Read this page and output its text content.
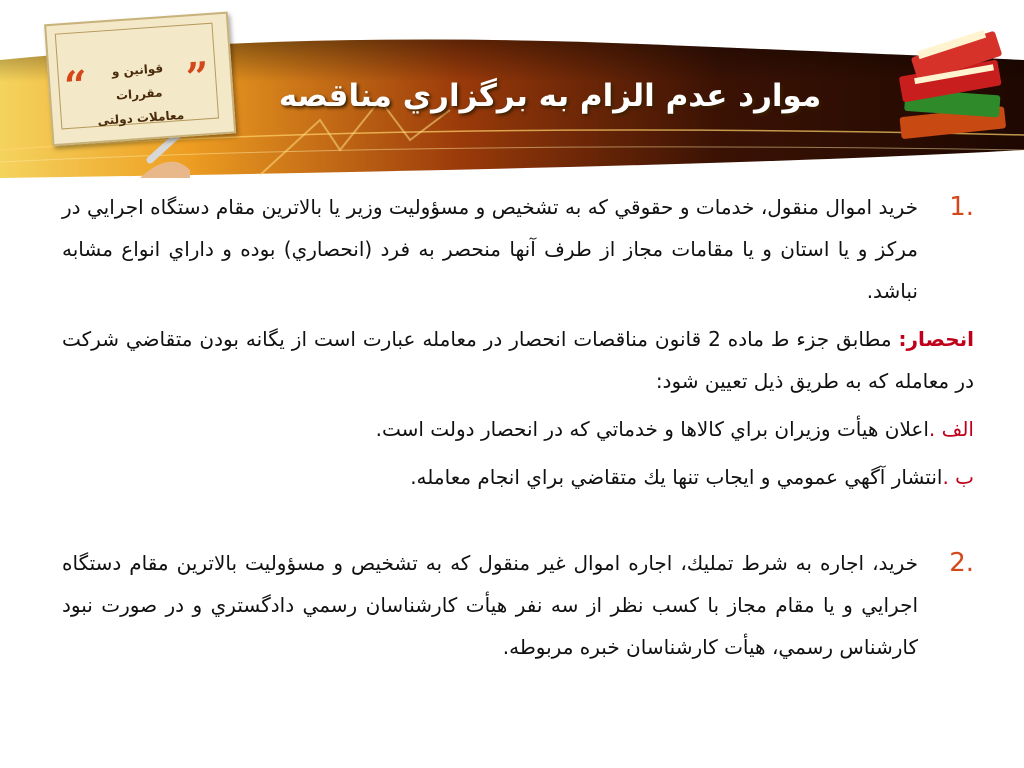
“ ”
قوانین و مقررات
معاملات دولتی
موارد عدم الزام به برگزاري مناقصه
1.
خريد اموال منقول، خدمات و حقوقي كه به تشخيص و مسؤوليت وزير يا بالاترين مقام دستگاه اجرايي در مركز و يا استان و يا مقامات مجاز از طرف آنها منحصر به فرد (انحصاري) بوده و داراي انواع مشابه نباشد.
انحصار: مطابق جزء ط ماده 2 قانون مناقصات انحصار در معامله عبارت است از يگانه بودن متقاضي شركت در معامله كه به طريق ذيل تعيين شود:
الف .اعلان هيأت وزيران براي كالاها و خدماتي كه در انحصار دولت است.
ب .انتشار آگهي عمومي و ايجاب تنها يك متقاضي براي انجام معامله.
2.
خريد، اجاره به شرط تمليك، اجاره اموال غير منقول كه به تشخيص و مسؤوليت بالاترين مقام دستگاه اجرايي و يا مقام مجاز با كسب نظر از سه نفر هيأت كارشناسان رسمي دادگستري و در صورت نبود كارشناس رسمي، هيأت كارشناسان خبره مربوطه.
